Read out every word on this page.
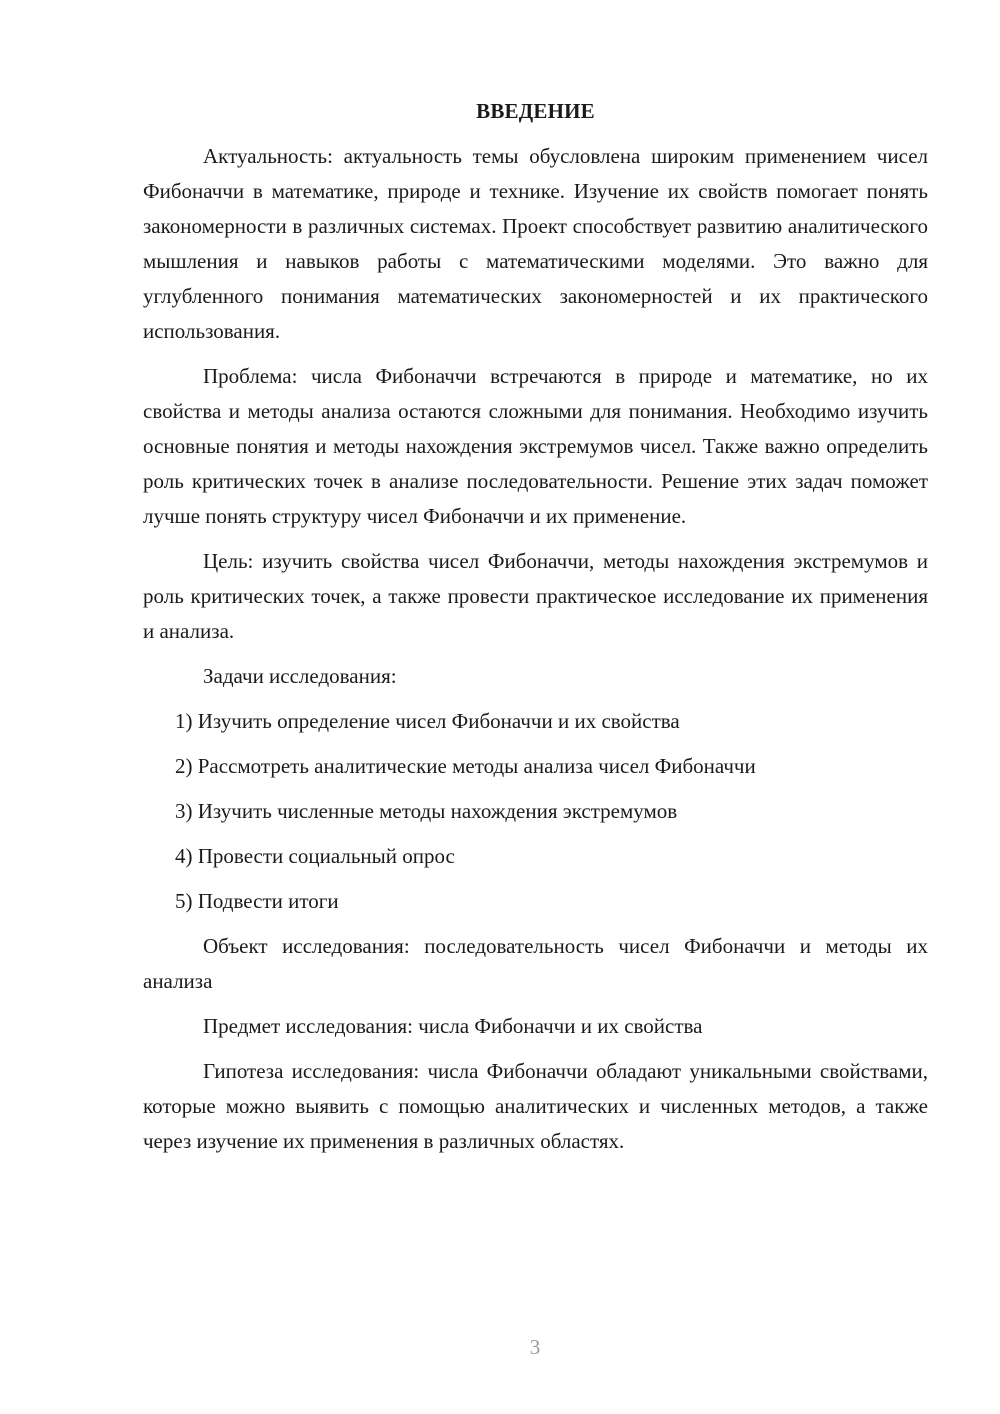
ВВЕДЕНИЕ

Актуальность: актуальность темы обусловлена широким применением чисел Фибоначчи в математике, природе и технике. Изучение их свойств помогает понять закономерности в различных системах. Проект способствует развитию аналитического мышления и навыков работы с математическими моделями. Это важно для углубленного понимания математических закономерностей и их практического использования.

Проблема: числа Фибоначчи встречаются в природе и математике, но их свойства и методы анализа остаются сложными для понимания. Необходимо изучить основные понятия и методы нахождения экстремумов чисел. Также важно определить роль критических точек в анализе последовательности. Решение этих задач поможет лучше понять структуру чисел Фибоначчи и их применение.

Цель: изучить свойства чисел Фибоначчи, методы нахождения экстремумов и роль критических точек, а также провести практическое исследование их применения и анализа.

Задачи исследования:

1) Изучить определение чисел Фибоначчи и их свойства
2) Рассмотреть аналитические методы анализа чисел Фибоначчи
3) Изучить численные методы нахождения экстремумов
4) Провести социальный опрос
5) Подвести итоги

Объект исследования: последовательность чисел Фибоначчи и методы их анализа

Предмет исследования: числа Фибоначчи и их свойства

Гипотеза исследования: числа Фибоначчи обладают уникальными свойствами, которые можно выявить с помощью аналитических и численных методов, а также через изучение их применения в различных областях.

3
